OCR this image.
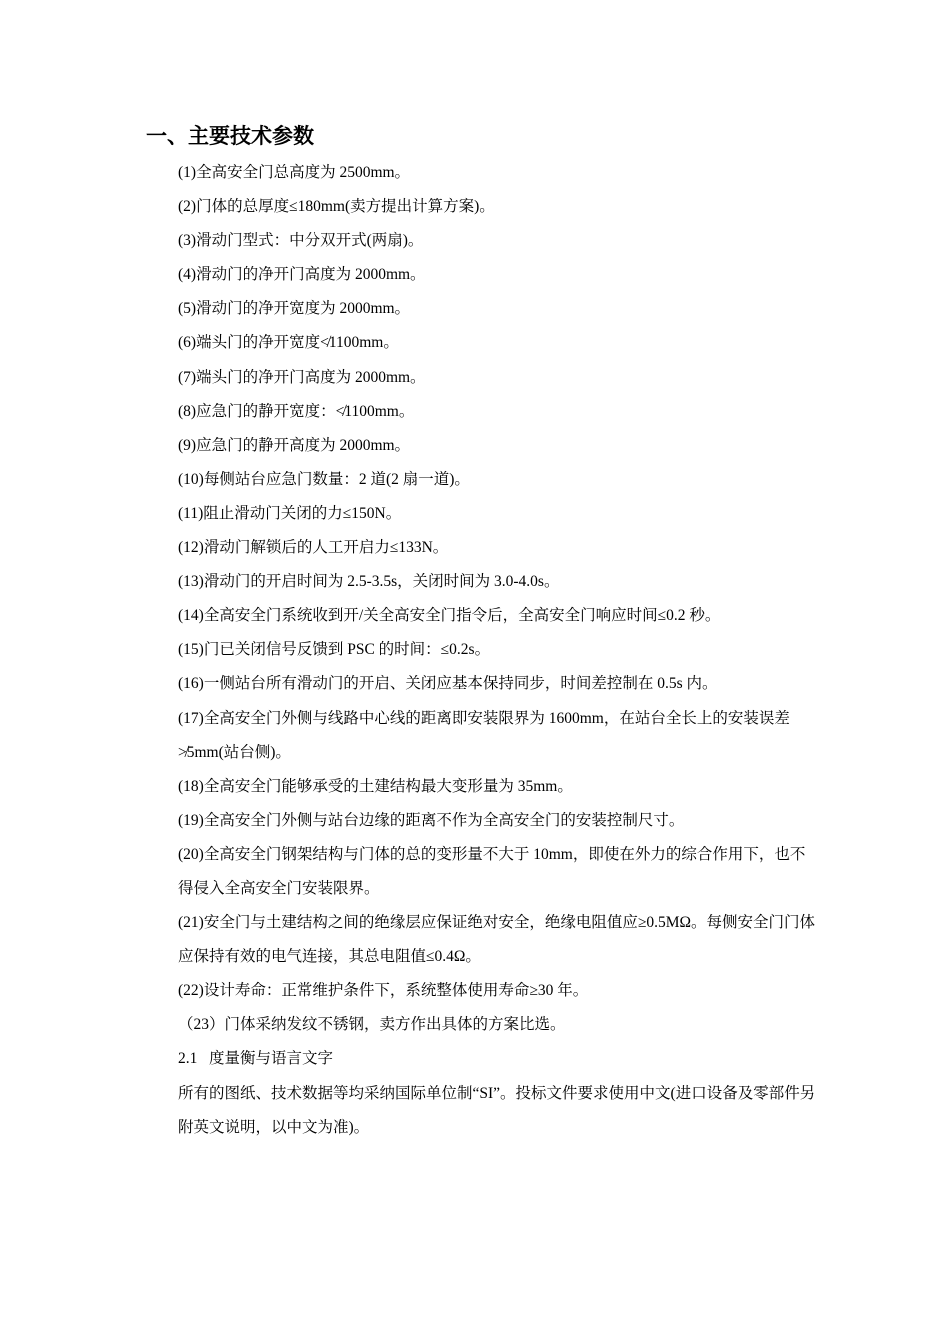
一、主要技术参数

(1)全高安全门总高度为 2500mm。

(2)门体的总厚度≤180mm(卖方提出计算方案)。

(3)滑动门型式：中分双开式(两扇)。

(4)滑动门的净开门高度为 2000mm。

(5)滑动门的净开宽度为 2000mm。

(6)端头门的净开宽度≮1100mm。

(7)端头门的净开门高度为 2000mm。

(8)应急门的静开宽度：≮1100mm。

(9)应急门的静开高度为 2000mm。

(10)每侧站台应急门数量：2 道(2 扇一道)。

(11)阻止滑动门关闭的力≤150N。

(12)滑动门解锁后的人工开启力≤133N。

(13)滑动门的开启时间为 2.5-3.5s，关闭时间为 3.0-4.0s。

(14)全高安全门系统收到开/关全高安全门指令后，全高安全门响应时间≤0.2 秒。

(15)门已关闭信号反馈到 PSC 的时间：≤0.2s。

(16)一侧站台所有滑动门的开启、关闭应基本保持同步，时间差控制在 0.5s 内。

(17)全高安全门外侧与线路中心线的距离即安装限界为 1600mm，在站台全长上的安装误差≯5mm(站台侧)。

(18)全高安全门能够承受的土建结构最大变形量为 35mm。

(19)全高安全门外侧与站台边缘的距离不作为全高安全门的安装控制尺寸。

(20)全高安全门钢架结构与门体的总的变形量不大于 10mm，即使在外力的综合作用下，也不得侵入全高安全门安装限界。

(21)安全门与土建结构之间的绝缘层应保证绝对安全，绝缘电阻值应≥0.5MΩ。每侧安全门门体应保持有效的电气连接，其总电阻值≤0.4Ω。

(22)设计寿命：正常维护条件下，系统整体使用寿命≥30 年。

（23）门体采纳发纹不锈钢，卖方作出具体的方案比选。

2.1   度量衡与语言文字

所有的图纸、技术数据等均采纳国际单位制“SI”。投标文件要求使用中文(进口设备及零部件另附英文说明，以中文为准)。
